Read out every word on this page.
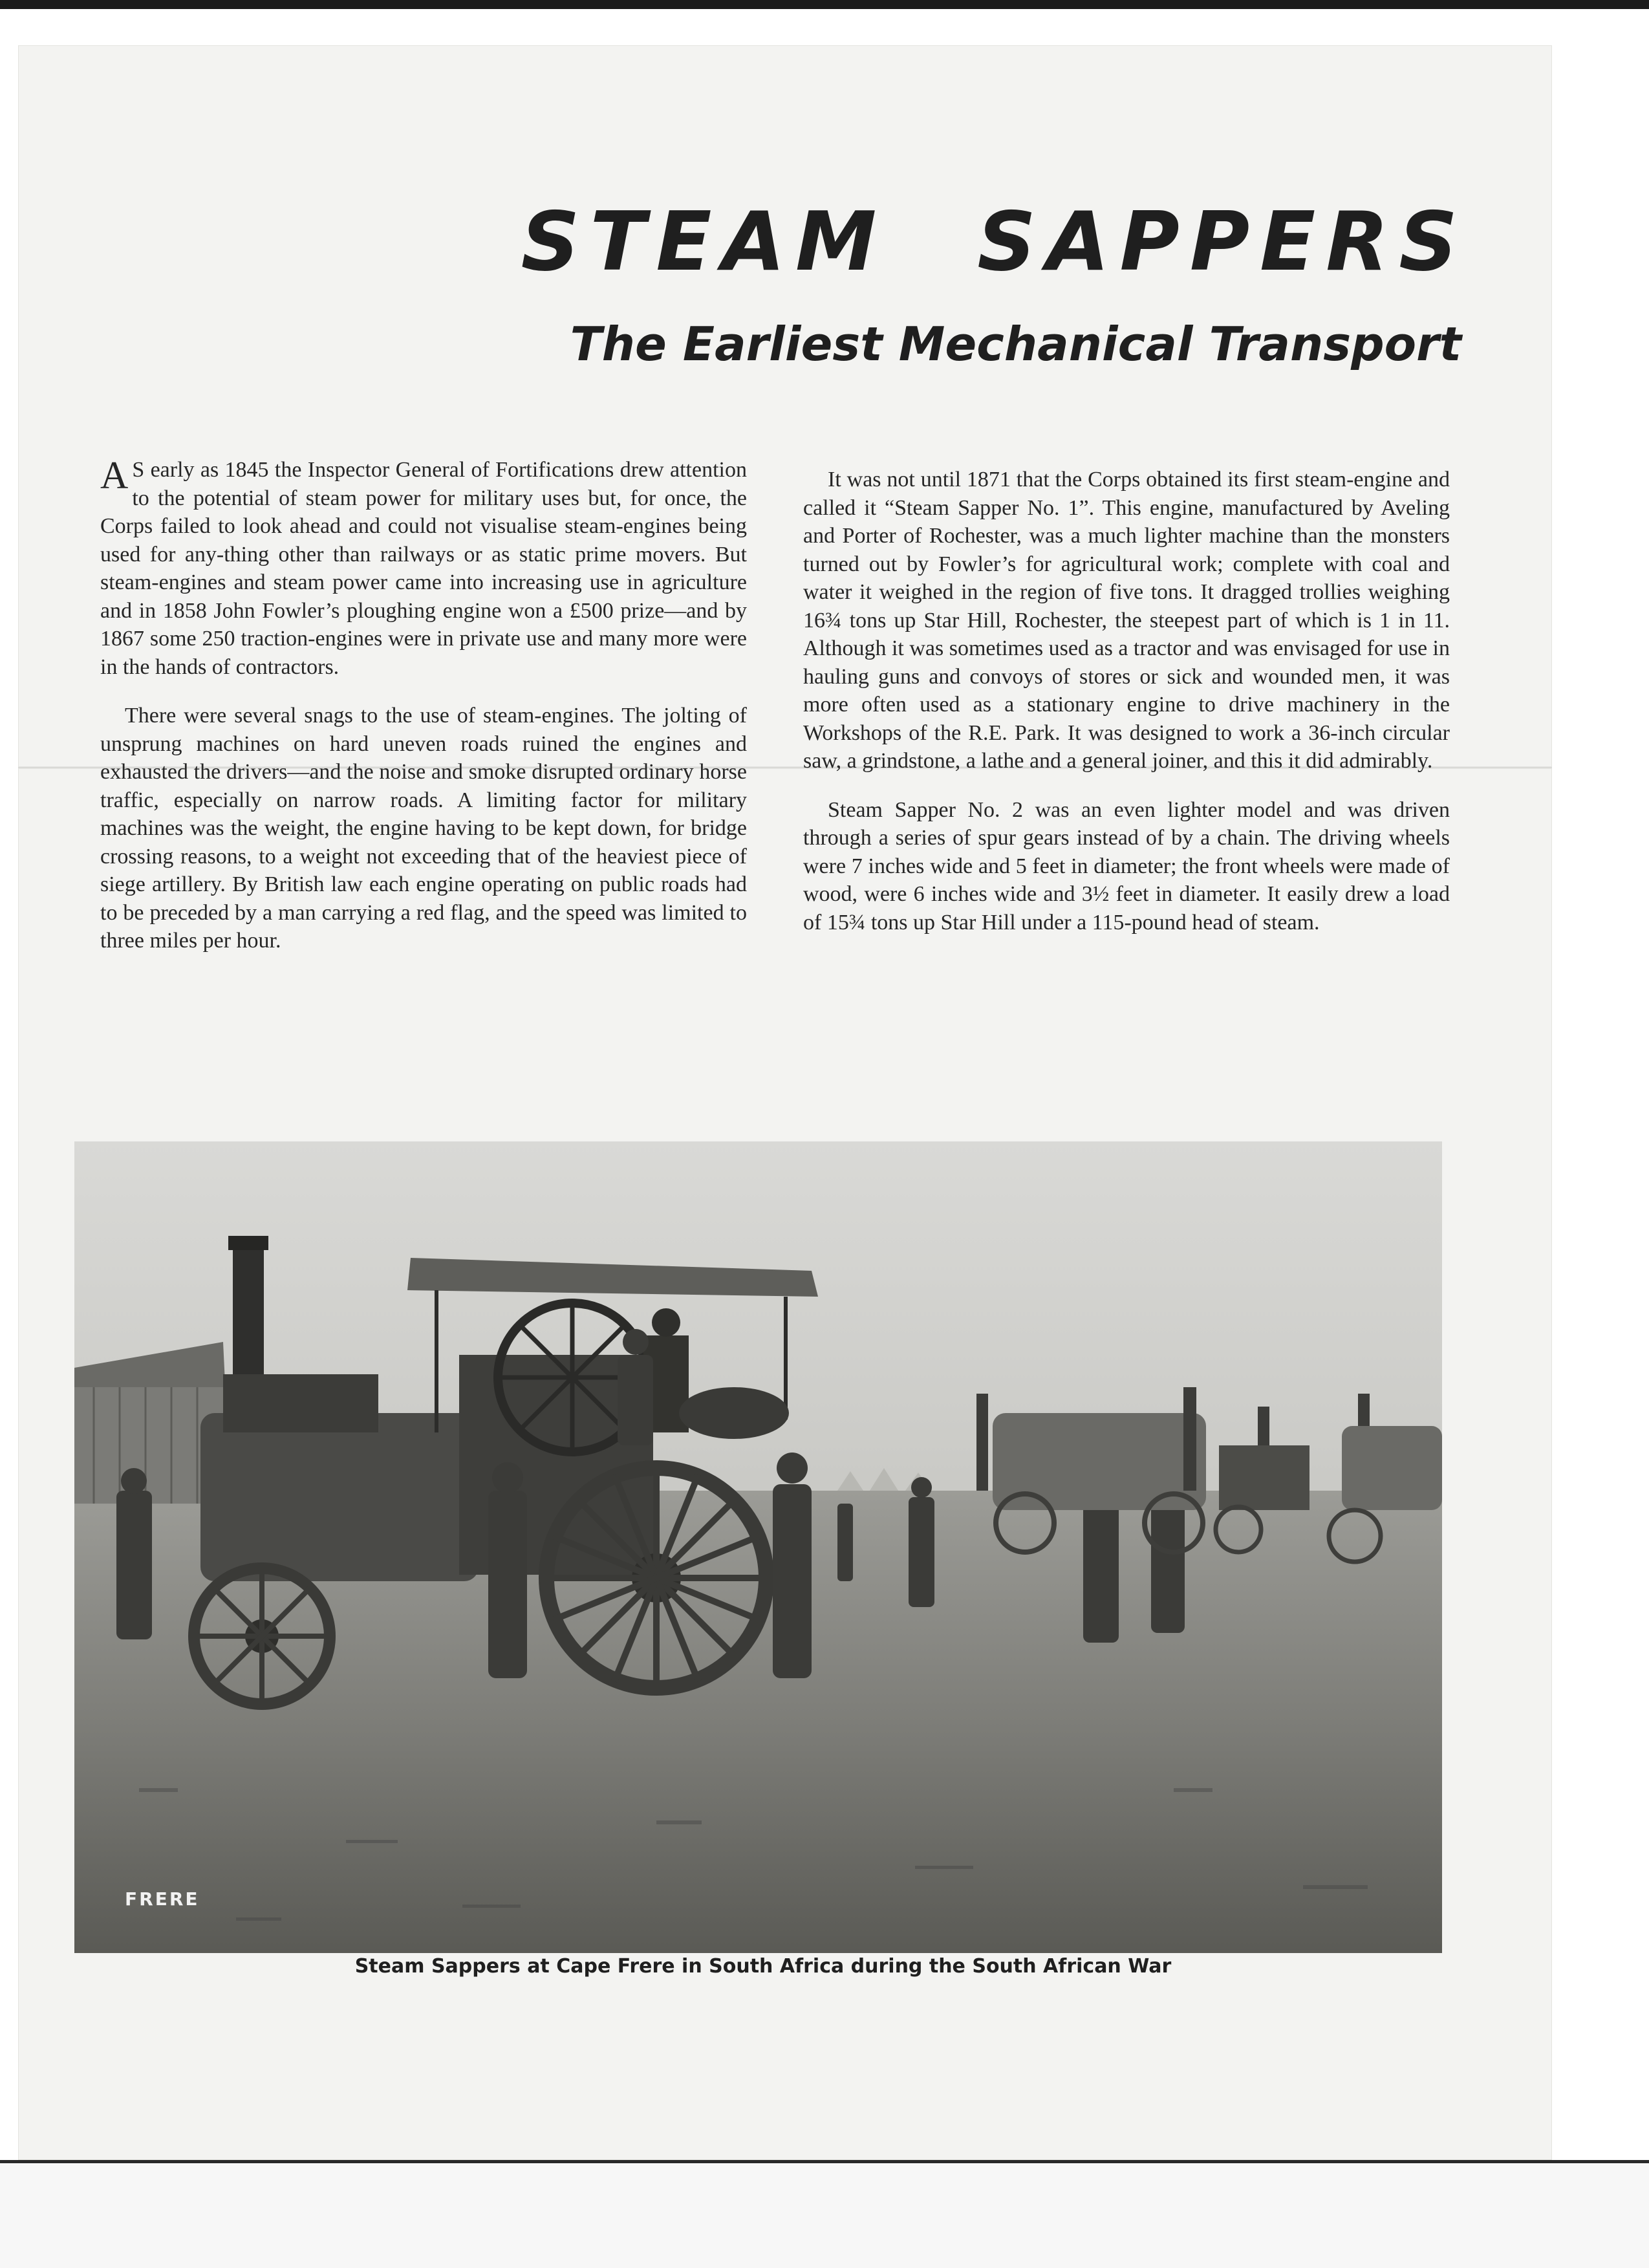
STEAM SAPPERS
The Earliest Mechanical Transport

A S early as 1845 the Inspector General of Fortifications drew attention to the potential of steam power for military uses but, for once, the Corps failed to look ahead and could not visualise steam-engines being used for any-thing other than railways or as static prime movers. But steam-engines and steam power came into increasing use in agriculture and in 1858 John Fowler’s ploughing engine won a £500 prize—and by 1867 some 250 traction-engines were in private use and many more were in the hands of contractors.

There were several snags to the use of steam-engines. The jolting of unsprung machines on hard uneven roads ruined the engines and exhausted the drivers—and the noise and smoke disrupted ordinary horse traffic, especially on narrow roads. A limiting factor for military machines was the weight, the engine having to be kept down, for bridge crossing reasons, to a weight not exceeding that of the heaviest piece of siege artillery. By British law each engine operating on public roads had to be preceded by a man carrying a red flag, and the speed was limited to three miles per hour.

It was not until 1871 that the Corps obtained its first steam-engine and called it “Steam Sapper No. 1”. This engine, manufactured by Aveling and Porter of Rochester, was a much lighter machine than the monsters turned out by Fowler’s for agricultural work; complete with coal and water it weighed in the region of five tons. It dragged trollies weighing 16¾ tons up Star Hill, Rochester, the steepest part of which is 1 in 11. Although it was sometimes used as a tractor and was envisaged for use in hauling guns and convoys of stores or sick and wounded men, it was more often used as a stationary engine to drive machinery in the Workshops of the R.E. Park. It was designed to work a 36-inch circular saw, a grindstone, a lathe and a general joiner, and this it did admirably.

Steam Sapper No. 2 was an even lighter model and was driven through a series of spur gears instead of by a chain. The driving wheels were 7 inches wide and 5 feet in diameter; the front wheels were made of wood, were 6 inches wide and 3½ feet in diameter. It easily drew a load of 15¾ tons up Star Hill under a 115-pound head of steam.

FRERE

Steam Sappers at Cape Frere in South Africa during the South African War
